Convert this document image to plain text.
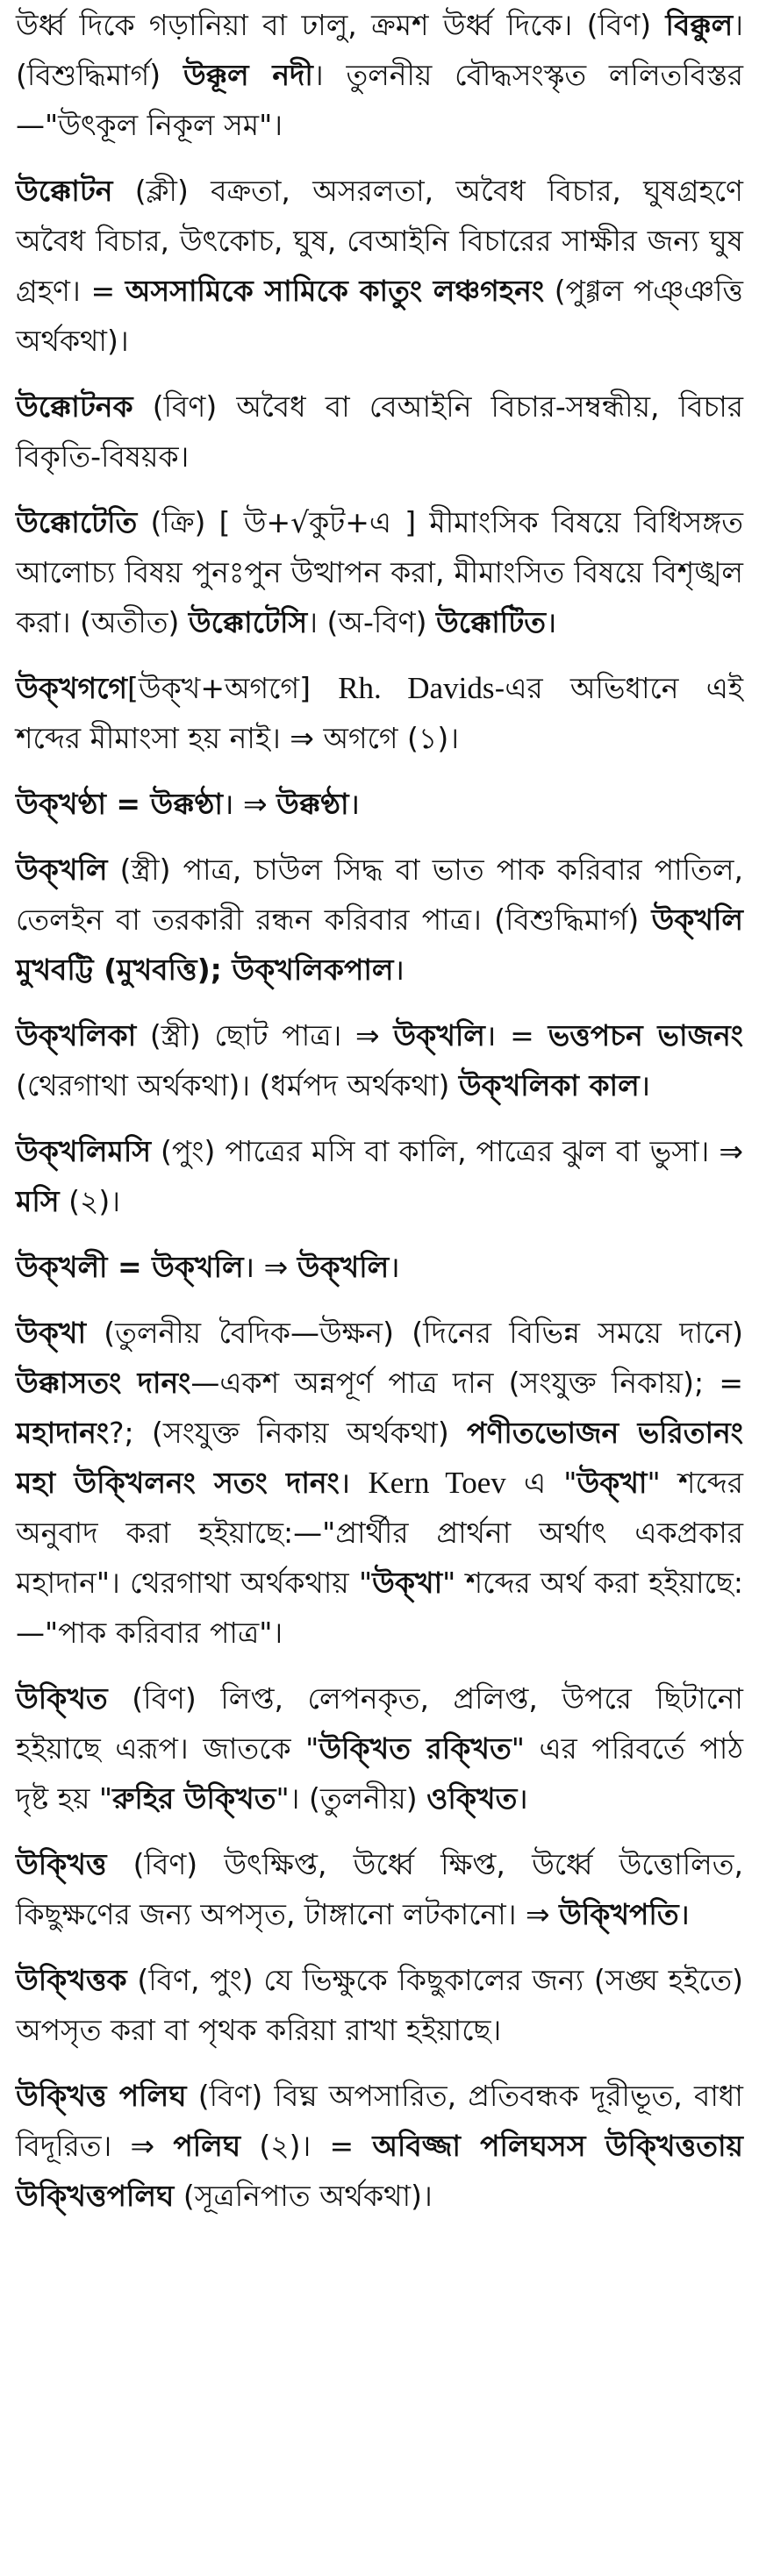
উর্ধ্ব দিকে গড়ানিয়া বা ঢালু, ক্রমশ উর্ধ্ব দিকে। (বিণ) বিক্কুল। (বিশুদ্ধিমার্গ) উক্কূল নদী। তুলনীয় বৌদ্ধসংস্কৃত ললিতবিস্তর—"উৎকূল নিকূল সম"।

উক্কোটন (ক্লী) বক্রতা, অসরলতা, অবৈধ বিচার, ঘুষগ্রহণে অবৈধ বিচার, উৎকোচ, ঘুষ, বেআইনি বিচারের সাক্ষীর জন্য ঘুষ গ্রহণ। = অসসামিকে সামিকে কাতুং লঞ্চগহনং (পুগ্গল পঞ্ঞত্তি অর্থকথা)।

উক্কোটনক (বিণ) অবৈধ বা বেআইনি বিচার-সম্বন্ধীয়, বিচার বিকৃতি-বিষয়ক।

উক্কোটেতি (ক্রি) [ উ+√কুট+এ ] মীমাংসিক বিষয়ে বিধিসঙ্গত আলোচ্য বিষয় পুনঃপুন উত্থাপন করা, মীমাংসিত বিষয়ে বিশৃঙ্খল করা। (অতীত) উক্কোটেসি। (অ-বিণ) উক্কোটিত।

উক্খগগে[উক্খ+অগগে] Rh. Davids-এর অভিধানে এই শব্দের মীমাংসা হয় নাই। ⇒ অগগে (১)।

উক্খণ্ঠা = উক্কণ্ঠা। ⇒ উক্কণ্ঠা।

উক্খলি (স্ত্রী) পাত্র, চাউল সিদ্ধ বা ভাত পাক করিবার পাতিল, তেলইন বা তরকারী রন্ধন করিবার পাত্র। (বিশুদ্ধিমার্গ) উক্খলি মুখবট্টি (মুখবত্তি); উক্খলিকপাল।

উক্খলিকা (স্ত্রী) ছোট পাত্র। ⇒ উক্খলি। = ভত্তপচন ভাজনং (থেরগাথা অর্থকথা)। (ধর্মপদ অর্থকথা) উক্খলিকা কাল।

উক্খলিমসি (পুং) পাত্রের মসি বা কালি, পাত্রের ঝুল বা ভুসা। ⇒ মসি (২)।

উক্খলী = উক্খলি। ⇒ উক্খলি।

উক্খা (তুলনীয় বৈদিক—উক্ষন) (দিনের বিভিন্ন সময়ে দানে) উক্কাসতং দানং—একশ অন্নপূর্ণ পাত্র দান (সংযুক্ত নিকায়); = মহাদানং?; (সংযুক্ত নিকায় অর্থকথা) পণীতভোজন ভরিতানং মহা উক্খিলনং সতং দানং। Kern Toev এ "উক্খা" শব্দের অনুবাদ করা হইয়াছে:—"প্রার্থীর প্রার্থনা অর্থাৎ একপ্রকার মহাদান"। থেরগাথা অর্থকথায় "উক্খা" শব্দের অর্থ করা হইয়াছে:—"পাক করিবার পাত্র"।

উক্খিত (বিণ) লিপ্ত, লেপনকৃত, প্রলিপ্ত, উপরে ছিটানো হইয়াছে এরূপ। জাতকে "উক্খিত রক্খিত" এর পরিবর্তে পাঠ দৃষ্ট হয় "রুহির উক্খিত"। (তুলনীয়) ওক্খিত।

উক্খিত্ত (বিণ) উৎক্ষিপ্ত, উর্ধ্বে ক্ষিপ্ত, উর্ধ্বে উত্তোলিত, কিছুক্ষণের জন্য অপসৃত, টাঙ্গানো লটকানো। ⇒ উক্খিপতি।

উক্খিত্তক (বিণ, পুং) যে ভিক্ষুকে কিছুকালের জন্য (সঙ্ঘ হইতে) অপসৃত করা বা পৃথক করিয়া রাখা হইয়াছে।

উক্খিত্ত পলিঘ (বিণ) বিঘ্ন অপসারিত, প্রতিবন্ধক দূরীভূত, বাধা বিদূরিত। ⇒ পলিঘ (২)। = অবিজ্জা পলিঘসস উক্খিত্ততায় উক্খিত্তপলিঘ (সূত্রনিপাত অর্থকথা)।
